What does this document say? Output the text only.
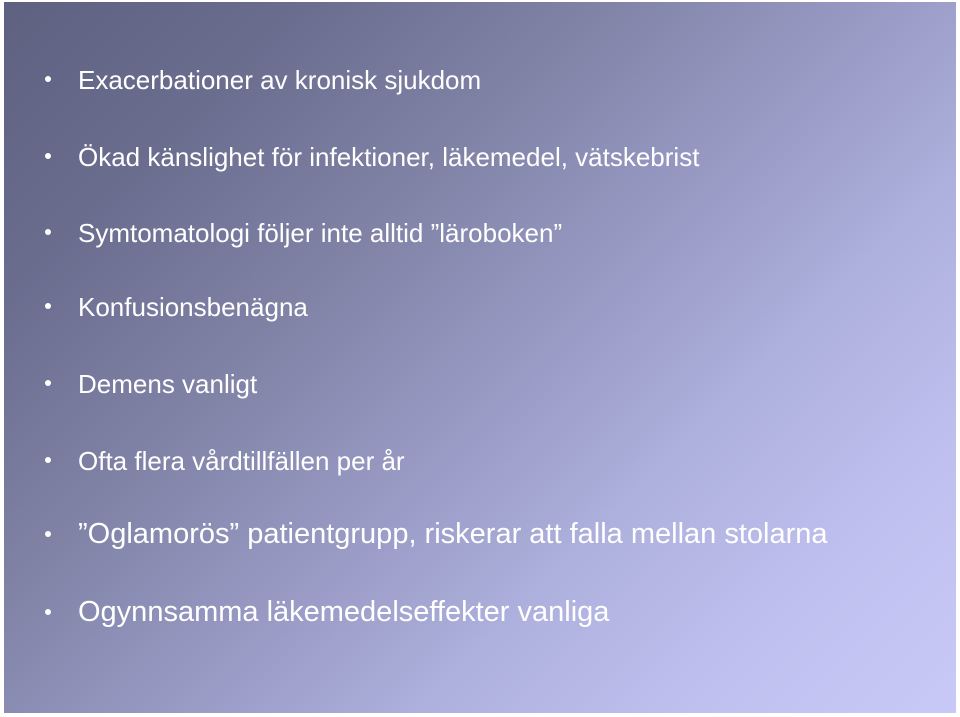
Exacerbationer av kronisk sjukdom
Ökad känslighet för infektioner, läkemedel, vätskebrist
Symtomatologi följer inte alltid ”läroboken”
Konfusionsbenägna
Demens vanligt
Ofta flera vårdtillfällen per år
”Oglamorös” patientgrupp, riskerar att falla mellan stolarna
Ogynnsamma läkemedelseffekter vanliga
